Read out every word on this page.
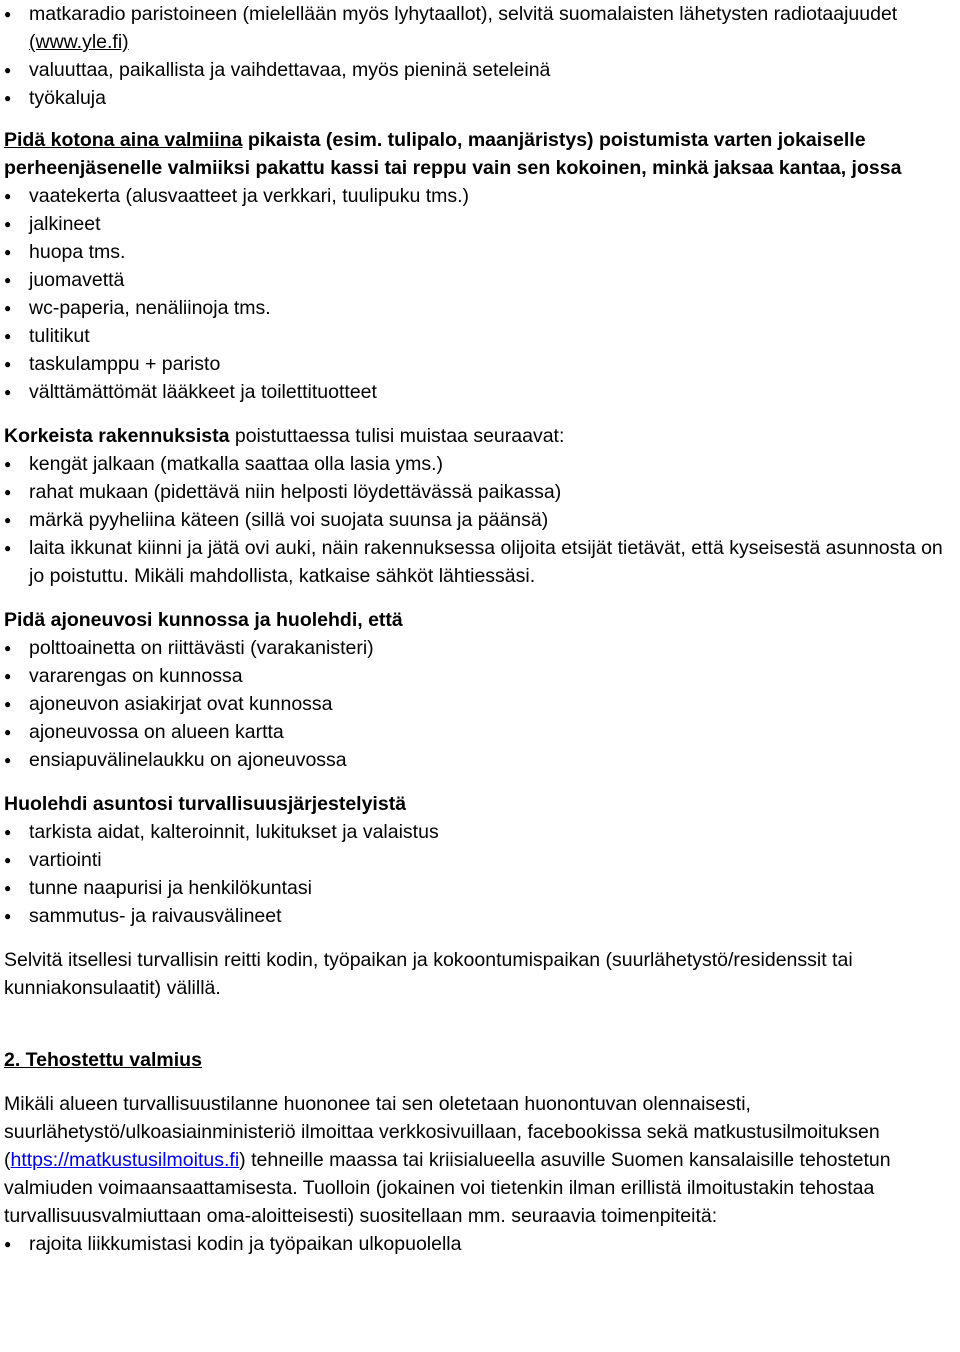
● matkaradio paristoineen (mielellään myös lyhytaallot), selvitä suomalaisten lähetysten radiotaajuudet (www.yle.fi)
● valuuttaa, paikallista ja vaihdettavaa, myös pieninä seteleinä
● työkaluja

Pidä kotona aina valmiina pikaista (esim. tulipalo, maanjäristys) poistumista varten jokaiselle perheenjäsenelle valmiiksi pakattu kassi tai reppu vain sen kokoinen, minkä jaksaa kantaa, jossa

● vaatekerta (alusvaatteet ja verkkari, tuulipuku tms.)
● jalkineet
● huopa tms.
● juomavettä
● wc-paperia, nenäliinoja tms.
● tulitikut
● taskulamppu + paristo
● välttämättömät lääkkeet ja toilettituotteet

Korkeista rakennuksista poistuttaessa tulisi muistaa seuraavat:

● kengät jalkaan (matkalla saattaa olla lasia yms.)
● rahat mukaan (pidettävä niin helposti löydettävässä paikassa)
● märkä pyyheliina käteen (sillä voi suojata suunsa ja päänsä)
● laita ikkunat kiinni ja jätä ovi auki, näin rakennuksessa olijoita etsijät tietävät, että kyseisestä asunnosta on jo poistuttu. Mikäli mahdollista, katkaise sähköt lähtiessäsi.

Pidä ajoneuvosi kunnossa ja huolehdi, että

● polttoainetta on riittävästi (varakanisteri)
● vararengas on kunnossa
● ajoneuvon asiakirjat ovat kunnossa
● ajoneuvossa on alueen kartta
● ensiapuvälinelaukku on ajoneuvossa

Huolehdi asuntosi turvallisuusjärjestelyistä

● tarkista aidat, kalteroinnit, lukitukset ja valaistus
● vartiointi
● tunne naapurisi ja henkilökuntasi
● sammutus- ja raivausvälineet

Selvitä itsellesi turvallisin reitti kodin, työpaikan ja kokoontumispaikan (suurlähetystö/residenssit tai kunniakonsulaatit) välillä.

2. Tehostettu valmius

Mikäli alueen turvallisuustilanne huononee tai sen oletetaan huonontuvan olennaisesti, suurlähetystö/ulkoasiainministeriö ilmoittaa verkkosivuillaan, facebookissa sekä matkustusilmoituksen (https://matkustusilmoitus.fi) tehneille maassa tai kriisialueella asuville Suomen kansalaisille tehostetun valmiuden voimaansaattamisesta. Tuolloin (jokainen voi tietenkin ilman erillistä ilmoitustakin tehostaa turvallisuusvalmiuttaan oma-aloitteisesti) suositellaan mm. seuraavia toimenpiteitä:

● rajoita liikkumistasi kodin ja työpaikan ulkopuolella
